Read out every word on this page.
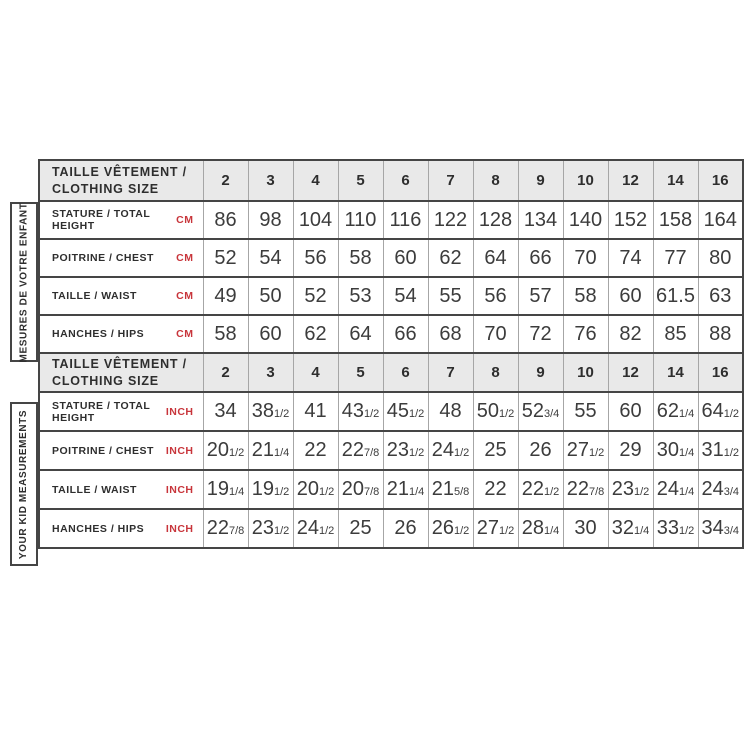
MESURES DE VOTRE ENFANT
YOUR KID MEASUREMENTS
TAILLE VÊTEMENT /
CLOTHING SIZE	2	3	4	5	6	7	8	9	10	12	14	16

STATURE / TOTAL HEIGHT CM	86	98	104	110	116	122	128	134	140	152	158	164

POITRINE / CHEST CM	52	54	56	58	60	62	64	66	70	74	77	80

TAILLE / WAIST CM	49	50	52	53	54	55	56	57	58	60	61.5	63

HANCHES / HIPS CM	58	60	62	64	66	68	70	72	76	82	85	88
TAILLE VÊTEMENT /
CLOTHING SIZE	2	3	4	5	6	7	8	9	10	12	14	16

STATURE / TOTAL HEIGHT INCH	34	381/2	41	431/2	451/2	48	501/2	523/4	55	60	621/4	641/2

POITRINE / CHEST INCH	201/2	211/4	22	227/8	231/2	241/2	25	26	271/2	29	301/4	311/2

TAILLE / WAIST INCH	191/4	191/2	201/2	207/8	211/4	215/8	22	221/2	227/8	231/2	241/4	243/4

HANCHES / HIPS INCH	227/8	231/2	241/2	25	26	261/2	271/2	281/4	30	321/4	331/2	343/4
